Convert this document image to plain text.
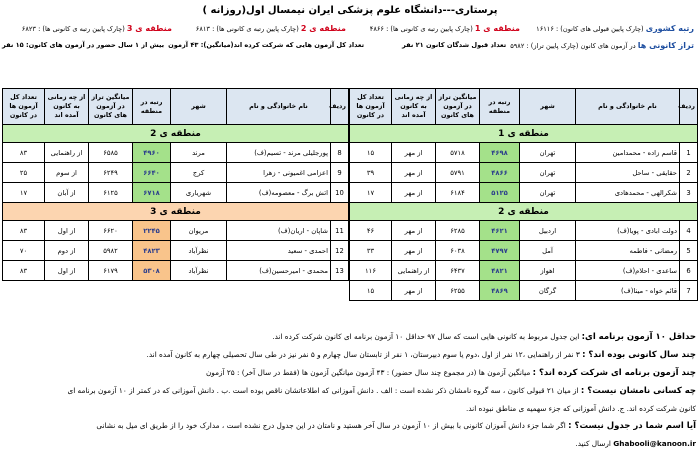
پرستاری---دانشگاه علوم پزشکی ایران نیمسال اول(روزانه )
رتبه کشوری (چارک پایین قبولی های کانون) : ۱۶۱۱۶
منطقه ی 1 (چارک پایین رتبه ی کانونی ها) : ۴۸۶۶
منطقه ی 2 (چارک پایین رتبه ی کانونی ها) : ۶۸۱۳
منطقه ی 3 (چارک پایین رتبه ی کانونی ها) : ۶۸۲۳
تراز کانونی ها در آزمون های کانون (چارک پایین تراز) : ۵۹۸۲
تعداد قبول شدگان کانون ۲۱ نفر
تعداد کل آزمون هایی که شرکت کرده اند(میانگین): ۴۳ آزمون
بیش از ۱ سال حضور در آزمون های کانون: ۱۵ نفر
ردیف	نام خانوادگی و نام	شهر	رتبه در منطقه	میانگین تراز در آزمون های کانون	از چه زمانی به کانون آمده اند	تعداد کل آزمون ها در کانون
منطقه ی 1						
1	قاسم زاده - محمدامین	تهران	۴۶۹۸	۵۷۱۸	از مهر	۱۵
2	حقایقی - ساحل	تهران	۴۸۶۶	۵۷۹۱	از مهر	۳۹
3	شکرالهی - محمدهادی	تهران	۵۱۲۵	۶۱۸۴	از مهر	۱۷
منطقه ی 2						
4	دولت ابادی - پویا(ف)	اردبیل	۴۶۲۱	۶۲۸۵	از مهر	۴۶
5	رمضانی - فاطمه	آمل	۴۷۹۷	۶۰۳۸	از مهر	۳۳
6	ساعدی - احلام(ف)	اهواز	۴۸۲۱	۶۴۳۷	از راهنمایی	۱۱۶
7	قائم خواه - مینا(ف)	گرگان	۴۸۶۹	۶۲۵۵	از مهر	۱۵
ردیف	نام خانوادگی و نام	شهر	رتبه در منطقه	میانگین تراز در آزمون های کانون	از چه زمانی به کانون آمده اند	تعداد کل آزمون ها در کانون
منطقه ی 2						
8	پورجلیلی مرند - تسیم(ف)	مرند	۴۹۶۰	۶۵۸۵	از راهنمایی	۸۳
9	اعزامی اغمیونی - زهرا	کرج	۶۶۴۰	۶۲۴۹	از سوم	۲۵
10	اتش برگ - معصومه(ف)	شهریاری	۶۷۱۸	۶۱۲۵	از آبان	۱۷
منطقه ی 3						
11	شاپان - اریان(ف)	مریوان	۲۲۴۵	۶۶۲۰	از اول	۸۳
12	احمدی - سعید	نظرآباد	۴۸۲۳	۵۹۸۲	از دوم	۷۰
13	محمدی - امیرحسین(ف)	نظرآباد	۵۳۰۸	۶۱۷۹	از اول	۸۳

حداقل ۱۰ آزمون برنامه ای: این جدول مربوط به کانونی هایی است که سال ۹۷ حداقل ۱۰ آزمون برنامه ای کانون شرکت کرده اند.

چند سال کانونی بوده اند؟ : ۳ نفر از راهنمایی ،۱۲ نفر از اول ،دوم یا سوم دبیرستان، ۱ نفر از تابستان سال چهارم و ۵ نفر نیز در طی سال تحصیلی چهارم به کانون آمده اند.

چند آزمون برنامه ای شرکت کرده اند؟ : میانگین آزمون ها (در مجموع چند سال حضور) : ۴۳ آزمون میانگین آزمون ها (فقط در سال آخر) : ۲۵ آزمون

چه کسانی نامشان نیست؟ : از میان ۲۱ قبولی کانون ، سه گروه نامشان ذکر نشده است : الف . دانش آموزانی که اطلاعاتشان ناقص بوده است .ب . دانش آموزانی که در کمتر از ۱۰ آزمون برنامه ای

کانون شرکت کرده اند. ج. دانش آموزانی که جزء سهمیه ی مناطق نبوده اند.

آیا اسم شما در جدول نیست؟ : اگر شما جزء دانش آموزان کانونی با بیش از ۱۰ آزمون در سال آخر هستید و نامتان در این جدول درج نشده است ، مدارک خود را از طریق ای میل به نشانی

Ghabooli@kanoon.ir ارسال کنید.
